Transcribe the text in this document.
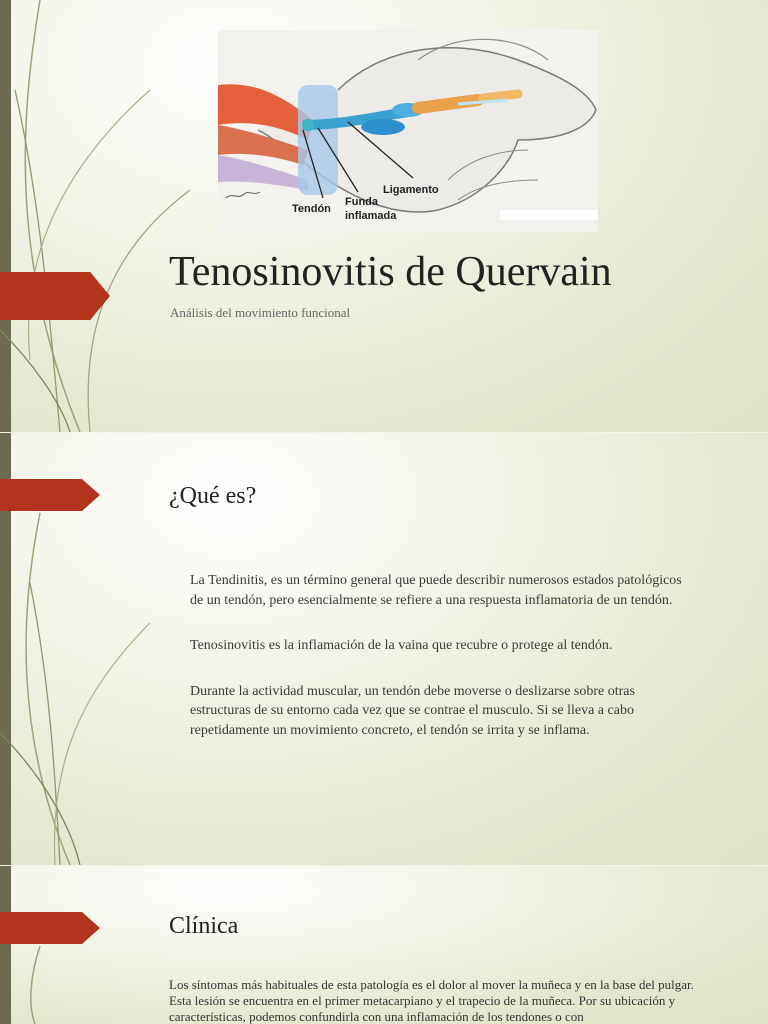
Tendón
Funda
inflamada
Ligamento
Tenosinovitis de Quervain
Análisis del movimiento funcional
¿Qué es?
La Tendinitis, es un término general que puede describir numerosos estados patológicos de un tendón, pero esencialmente se refiere a una respuesta inflamatoria de un tendón.
Tenosinovitis es la inflamación de la vaina que recubre o protege al tendón.
Durante la actividad muscular, un tendón debe moverse o deslizarse sobre otras estructuras de su entorno cada vez que se contrae el musculo. Si se lleva a cabo repetidamente un movimiento concreto, el tendón se irrita y se inflama.
Clínica

Los síntomas más habituales de esta patología es el dolor al mover la muñeca y en la base del pulgar. Esta lesión se encuentra en el primer metacarpiano y el trapecio de la muñeca. Por su ubicación y características, podemos confundirla con una inflamación de los tendones o con
